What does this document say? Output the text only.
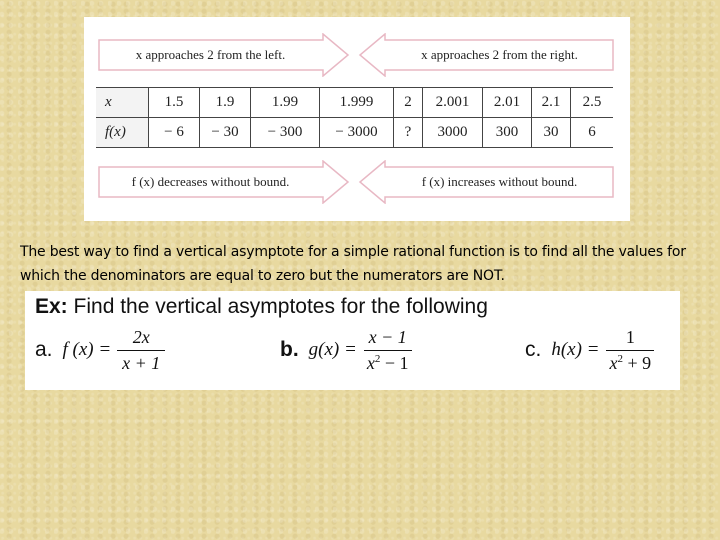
x approaches 2 from the left.	x approaches 2 from the right.
x	1.5	1.9	1.99	1.999	2	2.001	2.01	2.1	2.5
f(x)	− 6	− 30	− 300	− 3000	?	3000	300	30	6
f (x) decreases without bound.	f (x) increases without bound.
The best way to find a vertical asymptote for a simple rational function is to find all the values for which the denominators are equal to zero but the numerators are NOT.
Ex: Find the vertical asymptotes for the following
a. f $(x) = \frac{2x}{x + 1}$	b. $g(x) = \frac{x - 1}{x^2 - 1}$	c. $h(x) = \frac{1}{x^2 + 9}$
